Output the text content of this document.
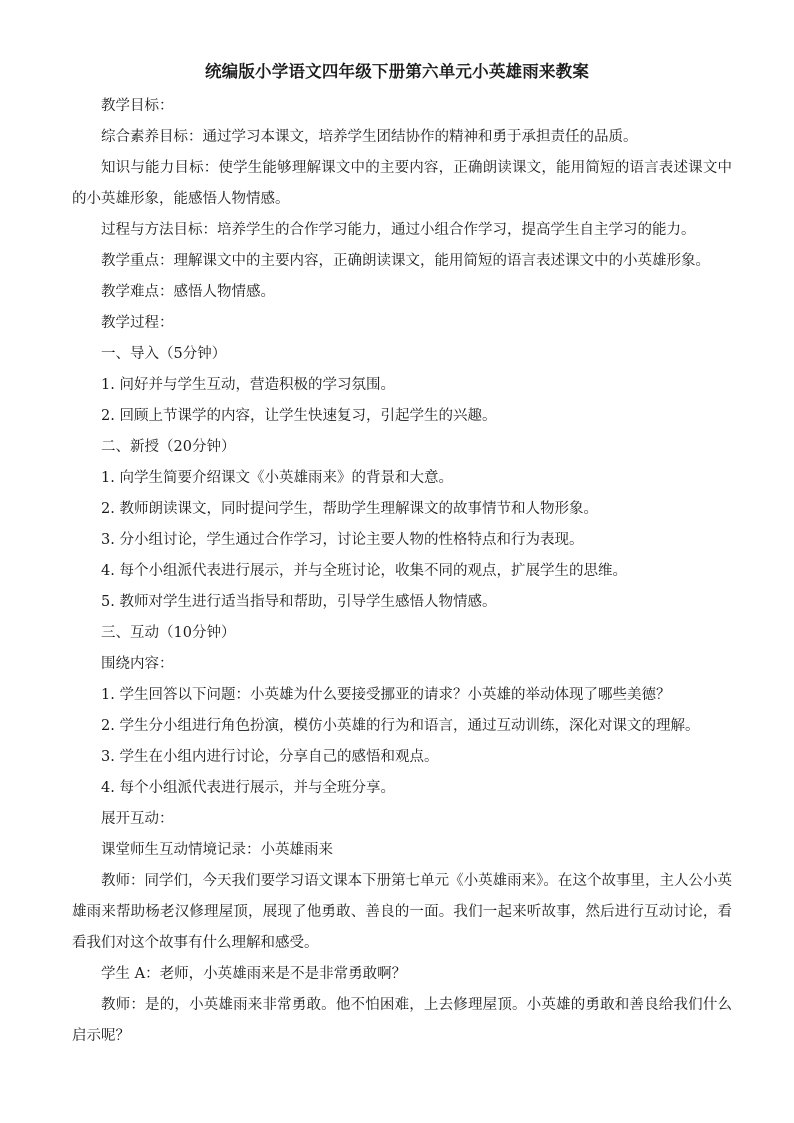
统编版小学语文四年级下册第六单元小英雄雨来教案

教学目标：

综合素养目标：通过学习本课文，培养学生团结协作的精神和勇于承担责任的品质。

知识与能力目标：使学生能够理解课文中的主要内容，正确朗读课文，能用简短的语言表述课文中的小英雄形象，能感悟人物情感。

过程与方法目标：培养学生的合作学习能力，通过小组合作学习，提高学生自主学习的能力。

教学重点：理解课文中的主要内容，正确朗读课文，能用简短的语言表述课文中的小英雄形象。

教学难点：感悟人物情感。

教学过程：

一、导入（5分钟）

1. 问好并与学生互动，营造积极的学习氛围。

2. 回顾上节课学的内容，让学生快速复习，引起学生的兴趣。

二、新授（20分钟）

1. 向学生简要介绍课文《小英雄雨来》的背景和大意。

2. 教师朗读课文，同时提问学生，帮助学生理解课文的故事情节和人物形象。

3. 分小组讨论，学生通过合作学习，讨论主要人物的性格特点和行为表现。

4. 每个小组派代表进行展示，并与全班讨论，收集不同的观点，扩展学生的思维。

5. 教师对学生进行适当指导和帮助，引导学生感悟人物情感。

三、互动（10分钟）

围绕内容：

1. 学生回答以下问题：小英雄为什么要接受挪亚的请求？小英雄的举动体现了哪些美德？

2. 学生分小组进行角色扮演，模仿小英雄的行为和语言，通过互动训练，深化对课文的理解。

3. 学生在小组内进行讨论，分享自己的感悟和观点。

4. 每个小组派代表进行展示，并与全班分享。

展开互动：

课堂师生互动情境记录：小英雄雨来

教师：同学们，今天我们要学习语文课本下册第七单元《小英雄雨来》。在这个故事里，主人公小英雄雨来帮助杨老汉修理屋顶，展现了他勇敢、善良的一面。我们一起来听故事，然后进行互动讨论，看看我们对这个故事有什么理解和感受。

学生 A：老师，小英雄雨来是不是非常勇敢啊？

教师：是的，小英雄雨来非常勇敢。他不怕困难，上去修理屋顶。小英雄的勇敢和善良给我们什么启示呢？
